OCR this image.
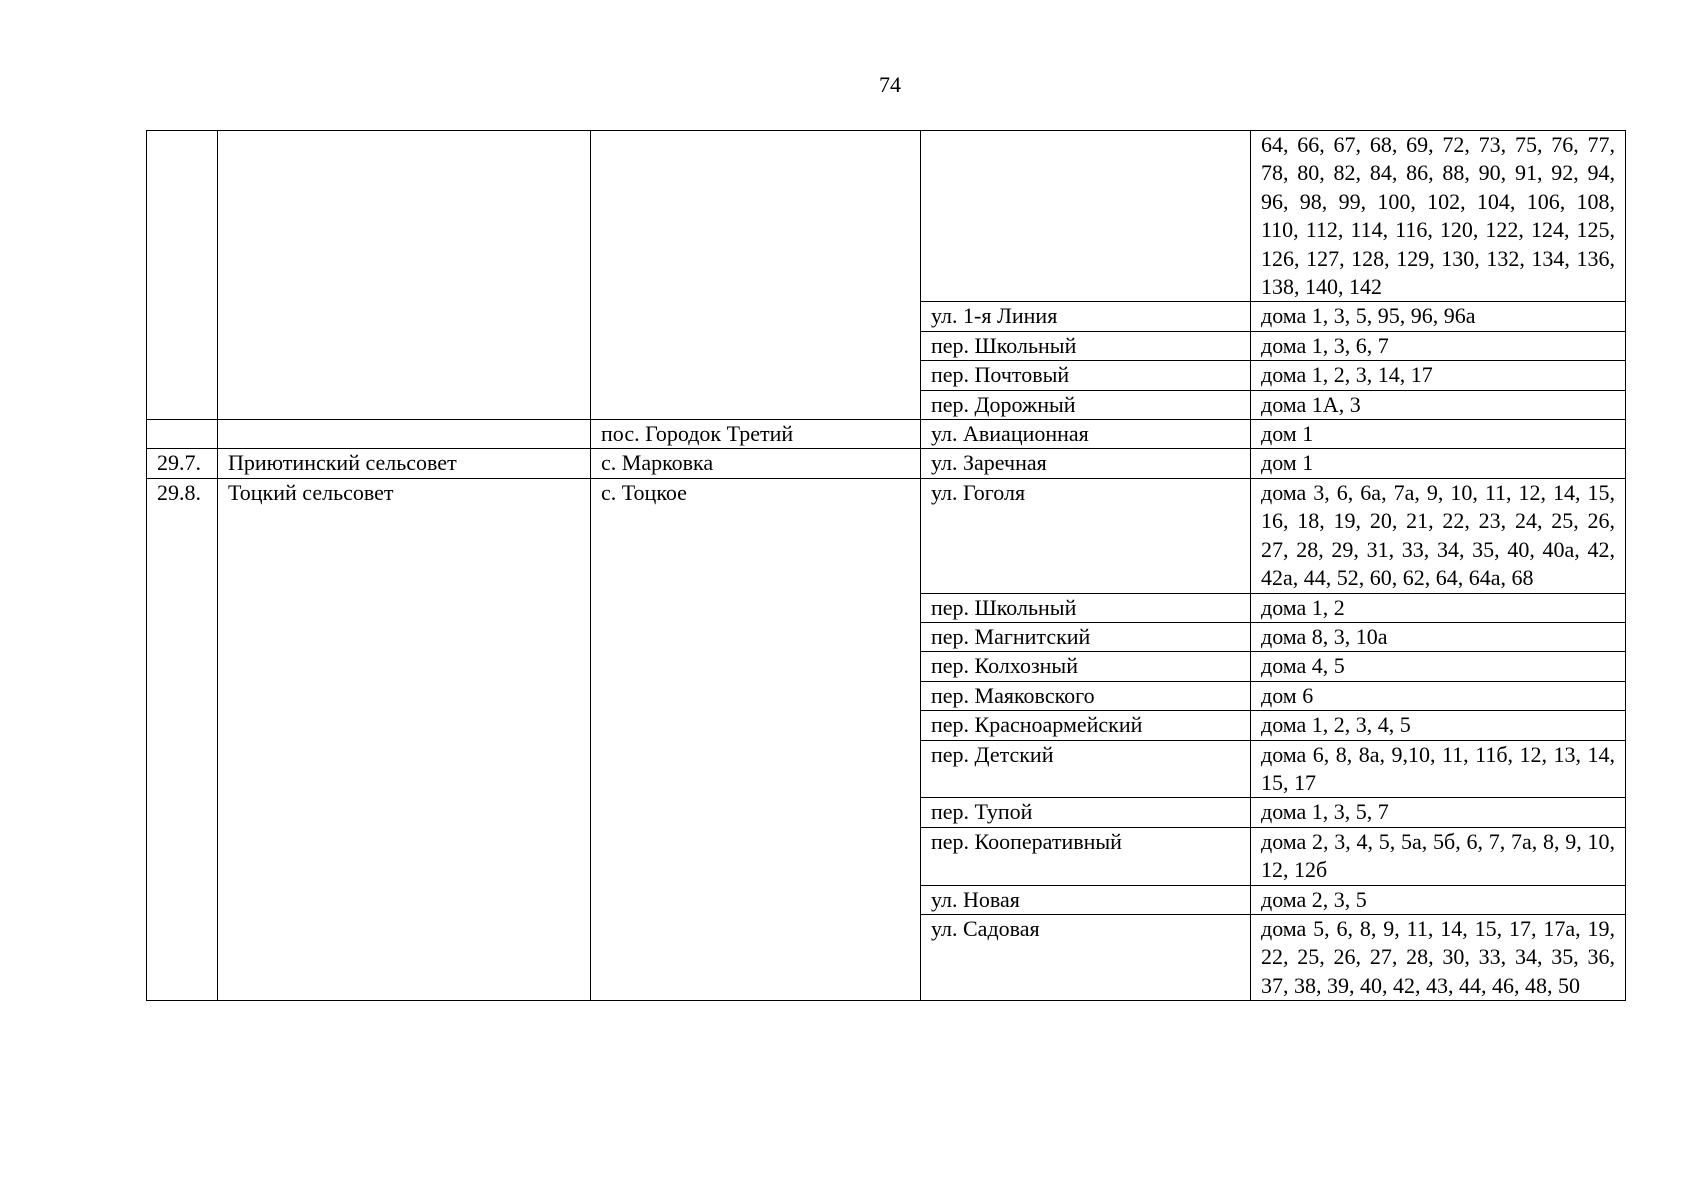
74
				64, 66, 67, 68, 69, 72, 73, 75, 76, 77, 78, 80, 82, 84, 86, 88, 90, 91, 92, 94, 96, 98, 99, 100, 102, 104, 106, 108, 110, 112, 114, 116, 120, 122, 124, 125, 126, 127, 128, 129, 130, 132, 134, 136, 138, 140, 142
			ул. 1-я Линия	дома 1, 3, 5, 95, 96, 96а
			пер. Школьный	дома 1, 3, 6, 7
			пер. Почтовый	дома 1, 2, 3, 14, 17
			пер. Дорожный	дома 1А, 3
		пос. Городок Третий	ул. Авиационная	дом 1
29.7.	Приютинский сельсовет	с. Марковка	ул. Заречная	дом 1
29.8.	Тоцкий сельсовет	с. Тоцкое	ул. Гоголя	дома 3, 6, 6а, 7а, 9, 10, 11, 12, 14, 15, 16, 18, 19, 20, 21, 22, 23, 24, 25, 26, 27, 28, 29, 31, 33, 34, 35, 40, 40а, 42, 42а, 44, 52, 60, 62, 64, 64а, 68
			пер. Школьный	дома 1, 2
			пер. Магнитский	дома 8, 3, 10а
			пер. Колхозный	дома 4, 5
			пер. Маяковского	дом 6
			пер. Красноармейский	дома 1, 2, 3, 4, 5
			пер. Детский	дома 6, 8, 8а, 9,10, 11, 11б, 12, 13, 14, 15, 17
			пер. Тупой	дома 1, 3, 5, 7
			пер. Кооперативный	дома 2, 3, 4, 5, 5а, 5б, 6, 7, 7а, 8, 9, 10, 12, 12б
			ул. Новая	дома 2, 3, 5
			ул. Садовая	дома 5, 6, 8, 9, 11, 14, 15, 17, 17а, 19, 22, 25, 26, 27, 28, 30, 33, 34, 35, 36, 37, 38, 39, 40, 42, 43, 44, 46, 48, 50
